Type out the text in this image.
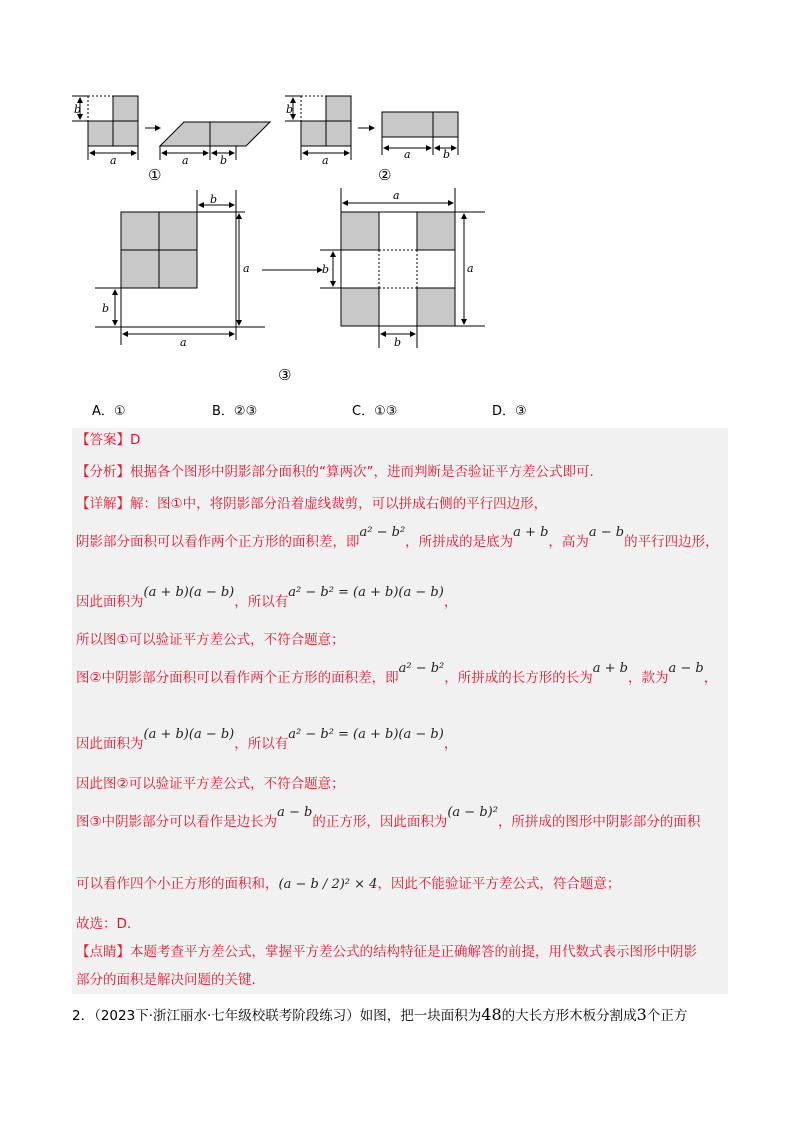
b
a	a	b
①
b
a	a	b
②
b
a
b
a
a
a
b
b
③
A．①	B．②③	C．①③	D．③
【答案】D
【分析】根据各个图形中阴影部分面积的“算两次”，进而判断是否验证平方差公式即可.
【详解】解：图①中，将阴影部分沿着虚线裁剪，可以拼成右侧的平行四边形，
阴影部分面积可以看作两个正方形的面积差，即a² − b²，所拼成的是底为a + b，高为a − b的平行四边形，
因此面积为(a + b)(a − b)，所以有a² − b² = (a + b)(a − b)，
所以图①可以验证平方差公式，不符合题意；
图②中阴影部分面积可以看作两个正方形的面积差，即a² − b²，所拼成的长方形的长为a + b，款为a − b，
因此面积为(a + b)(a − b)，所以有a² − b² = (a + b)(a − b)，
因此图②可以验证平方差公式，不符合题意；
图③中阴影部分可以看作是边长为a − b的正方形，因此面积为(a − b)²，所拼成的图形中阴影部分的面积
可以看作四个小正方形的面积和，(a − b / 2)² × 4，因此不能验证平方差公式，符合题意；
故选：D.
【点睛】本题考查平方差公式，掌握平方差公式的结构特征是正确解答的前提，用代数式表示图形中阴影
部分的面积是解决问题的关键.
2．（2023下·浙江丽水·七年级校联考阶段练习）如图，把一块面积为48的大长方形木板分割成3个正方
